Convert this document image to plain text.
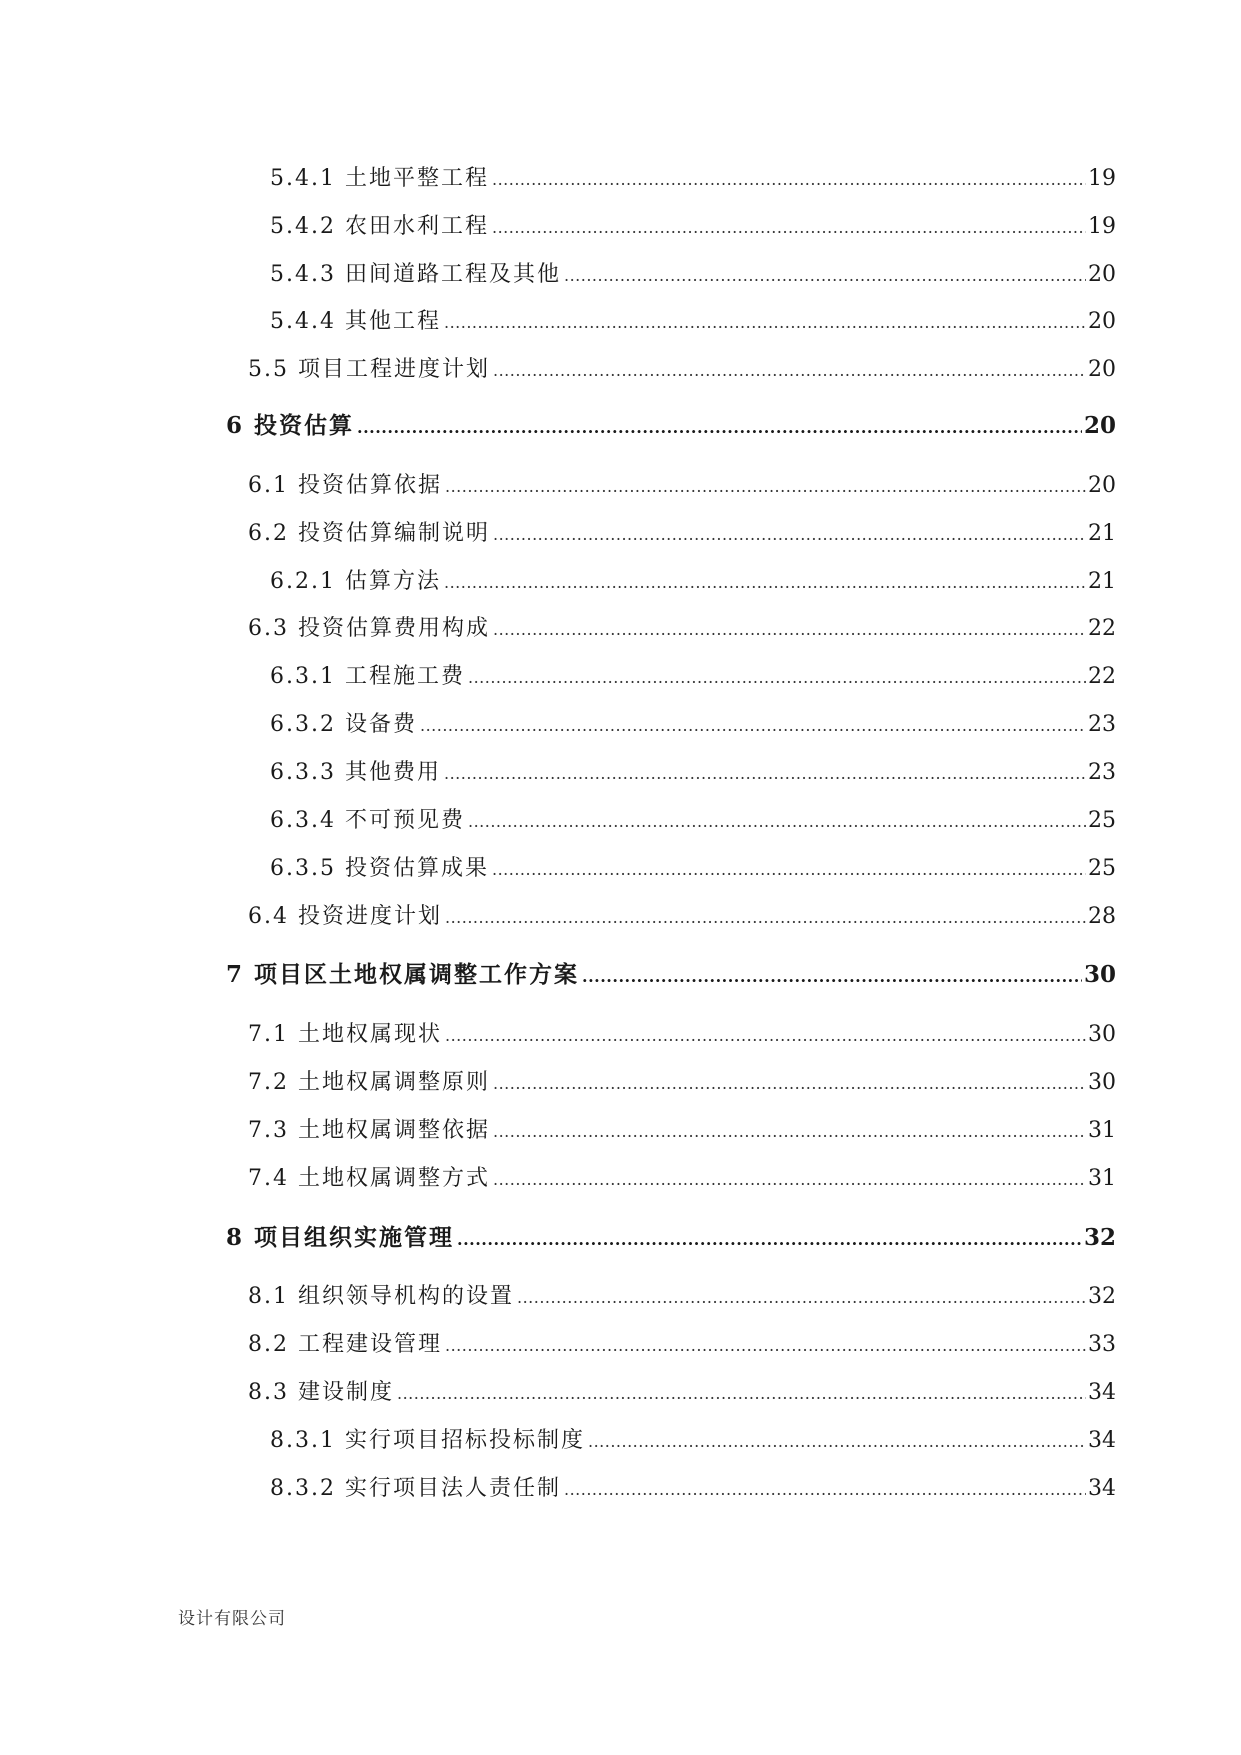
5.4.1 土地平整工程 .....	19
5.4.2 农田水利工程 .....	19
5.4.3 田间道路工程及其他 .....	20
5.4.4 其他工程 .....	20
5.5 项目工程进度计划 .....	20
6 投资估算 .....	20
6.1 投资估算依据 .....	20
6.2 投资估算编制说明 .....	21
6.2.1 估算方法 .....	21
6.3 投资估算费用构成 .....	22
6.3.1 工程施工费 .....	22
6.3.2 设备费 .....	23
6.3.3 其他费用 .....	23
6.3.4 不可预见费 .....	25
6.3.5 投资估算成果 .....	25
6.4 投资进度计划 .....	28
7 项目区土地权属调整工作方案 .....	30
7.1 土地权属现状 .....	30
7.2 土地权属调整原则 .....	30
7.3 土地权属调整依据 .....	31
7.4 土地权属调整方式 .....	31
8 项目组织实施管理 .....	32
8.1 组织领导机构的设置 .....	32
8.2 工程建设管理 .....	33
8.3 建设制度 .....	34
8.3.1 实行项目招标投标制度 .....	34
8.3.2 实行项目法人责任制 .....	34
设计有限公司
